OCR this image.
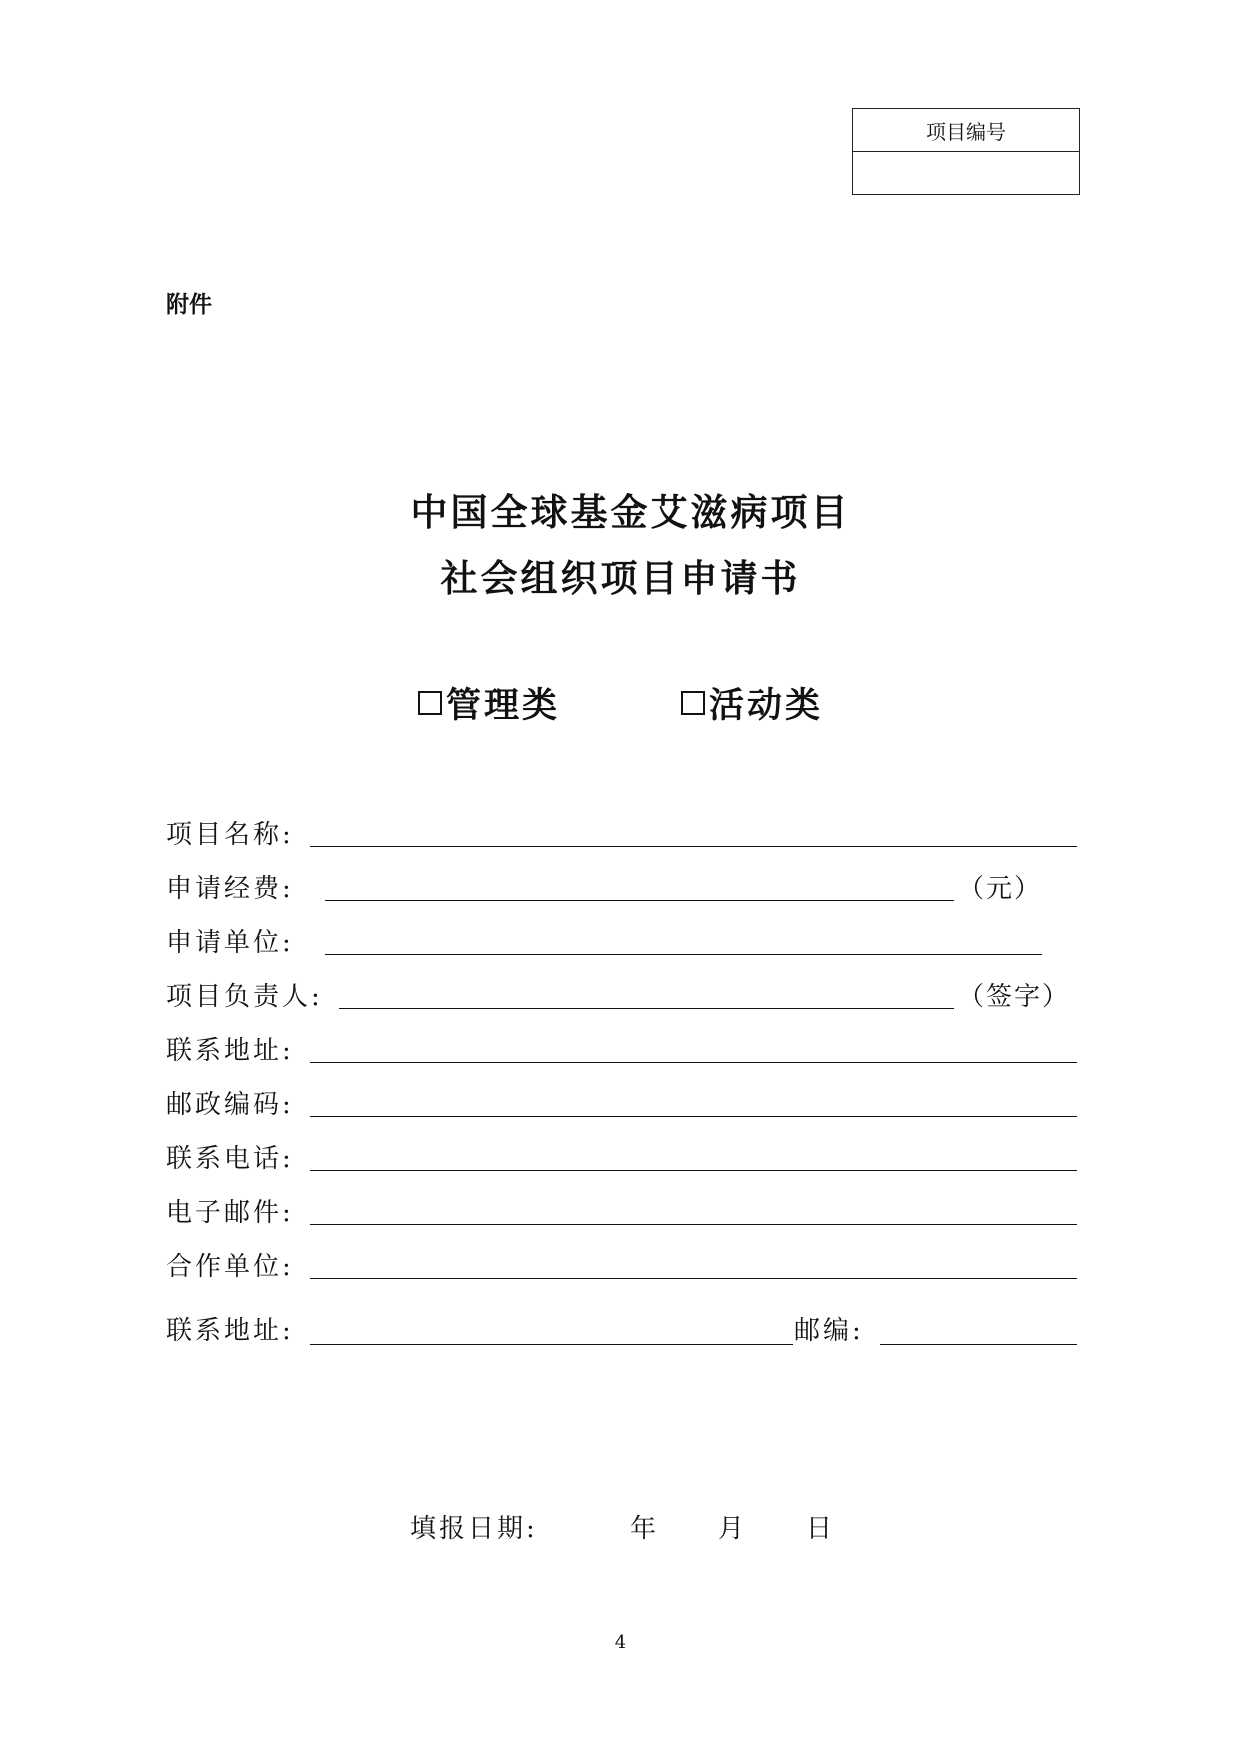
项目编号
附件
中国全球基金艾滋病项目
社会组织项目申请书
管理类	活动类
项目名称:
申请经费:	（元）
申请单位:
项目负责人:	（签字）
联系地址:
邮政编码:
联系电话:
电子邮件:
合作单位:
联系地址:	邮编:
填报日期:	年 月 日
4
